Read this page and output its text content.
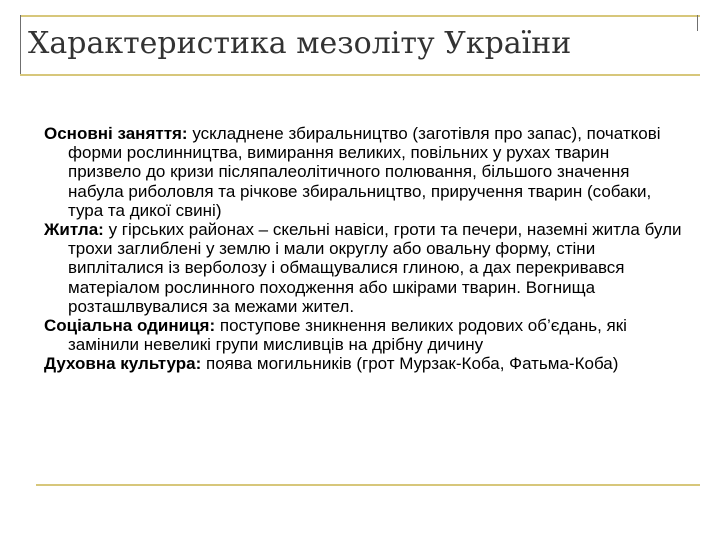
Характеристика мезоліту України

Основні заняття: ускладнене збиральництво (заготівля про запас), початкові форми рослинництва, вимирання великих, повільних у рухах тварин призвело до кризи післяпалеолітичного полювання, більшого значення набула риболовля та річкове збиральництво, приручення тварин (собаки, тура та дикої свині)

Житла: у гірських районах – скельні навіси, гроти та печери, наземні житла були трохи заглиблені у землю і мали округлу або овальну форму, стіни виплiталися із верболозу і обмащувалися глиною, а дах перекривався матеріалом рослинного походження або шкірами тварин. Вогнища розташлвувалися за межами жител.

Соціальна одиниця: поступове зникнення великих родових об’єдань, які замінили невеликі групи мисливців на дрібну дичину

Духовна культура: поява могильників (грот Мурзак-Коба, Фатьма-Коба)
